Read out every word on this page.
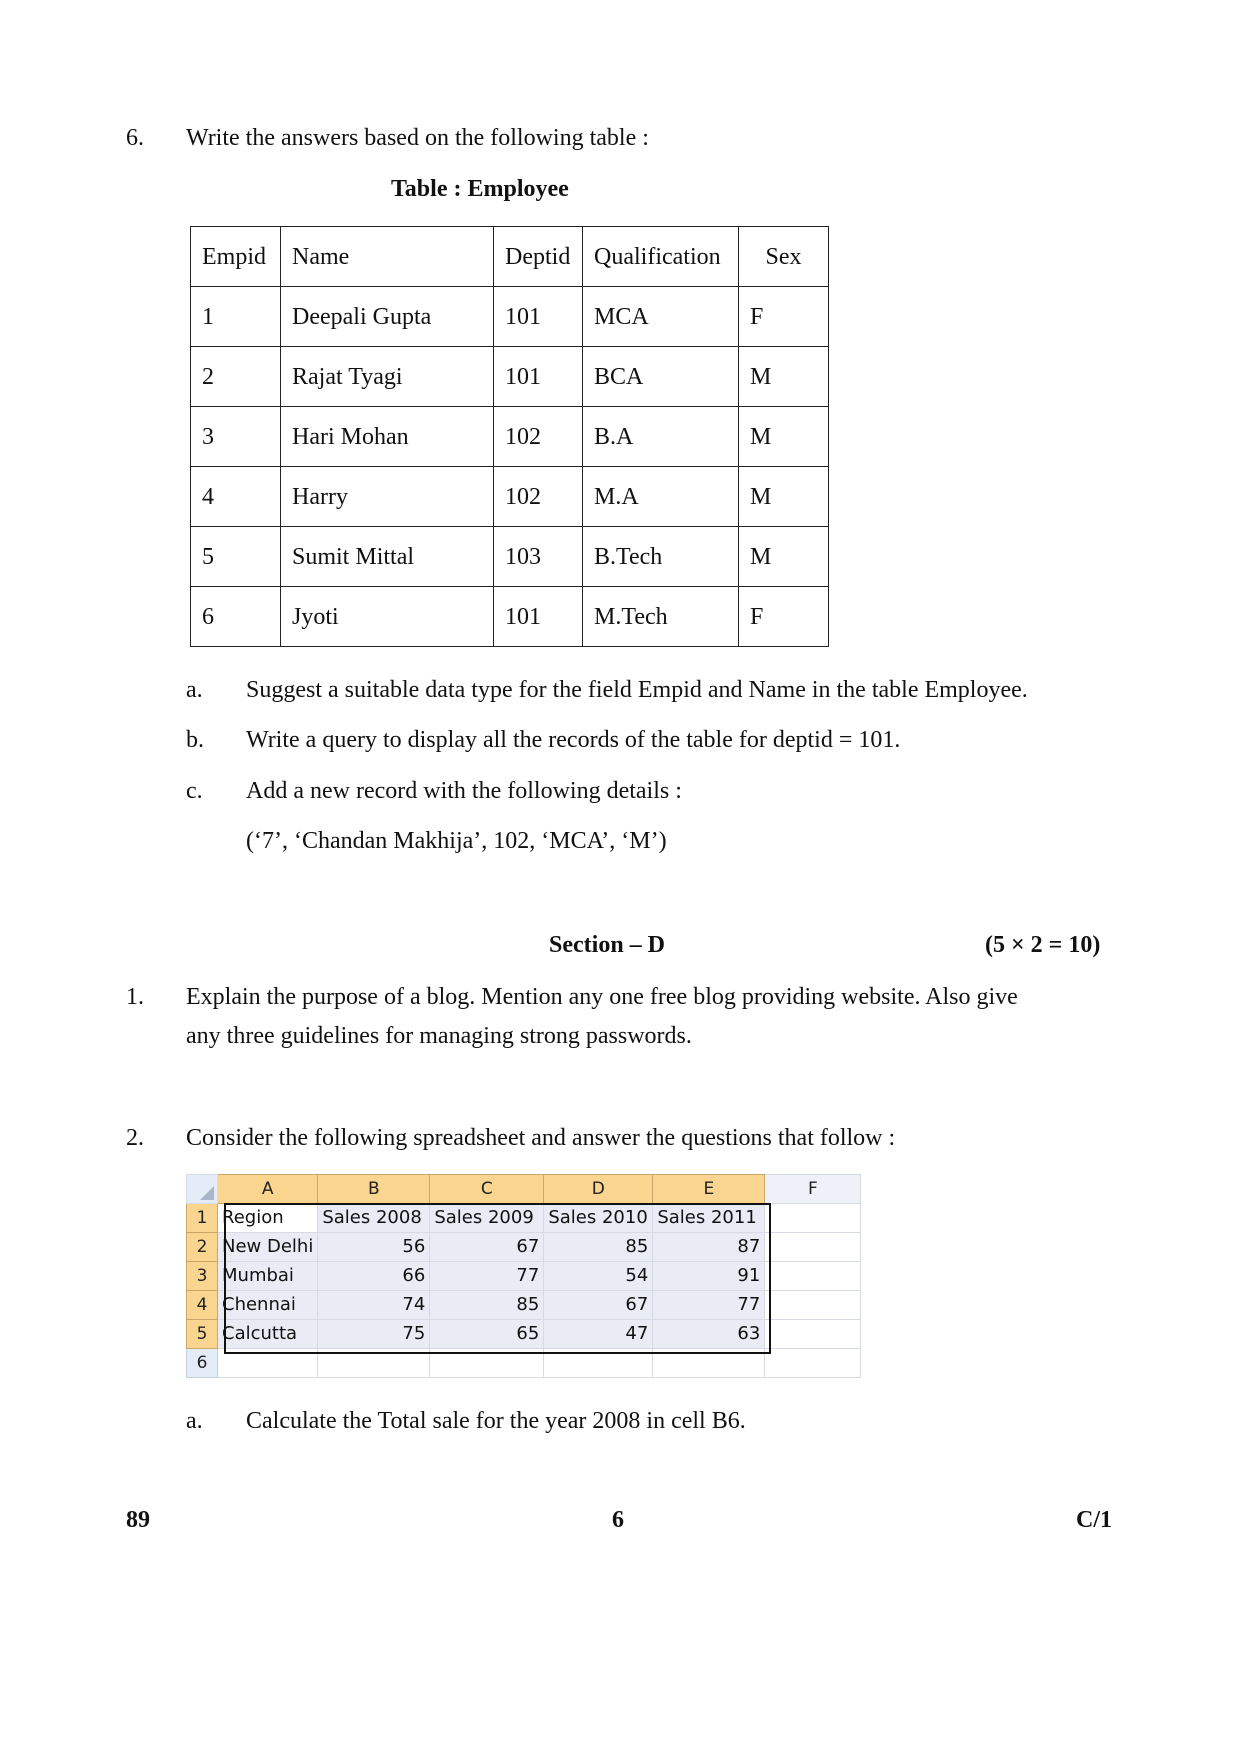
6. Write the answers based on the following table :
Table : Employee
Empid	Name	Deptid	Qualification	Sex
1	Deepali Gupta	101	MCA	F
2	Rajat Tyagi	101	BCA	M
3	Hari Mohan	102	B.A	M
4	Harry	102	M.A	M
5	Sumit Mittal	103	B.Tech	M
6	Jyoti	101	M.Tech	F
a. Suggest a suitable data type for the field Empid and Name in the table Employee.
b. Write a query to display all the records of the table for deptid = 101.
c. Add a new record with the following details :
(‘7’, ‘Chandan Makhija’, 102, ‘MCA’, ‘M’)
Section – D	(5 × 2 = 10)
1. Explain the purpose of a blog. Mention any one free blog providing website. Also give
any three guidelines for managing strong passwords.
2. Consider the following spreadsheet and answer the questions that follow :
	A	B	C	D	E	F
1	Region	Sales 2008	Sales 2009	Sales 2010	Sales 2011	
2	New Delhi	56	67	85	87	
3	Mumbai	66	77	54	91	
4	Chennai	74	85	67	77	
5	Calcutta	75	65	47	63	
6						
a. Calculate the Total sale for the year 2008 in cell B6.
89	6	C/1
